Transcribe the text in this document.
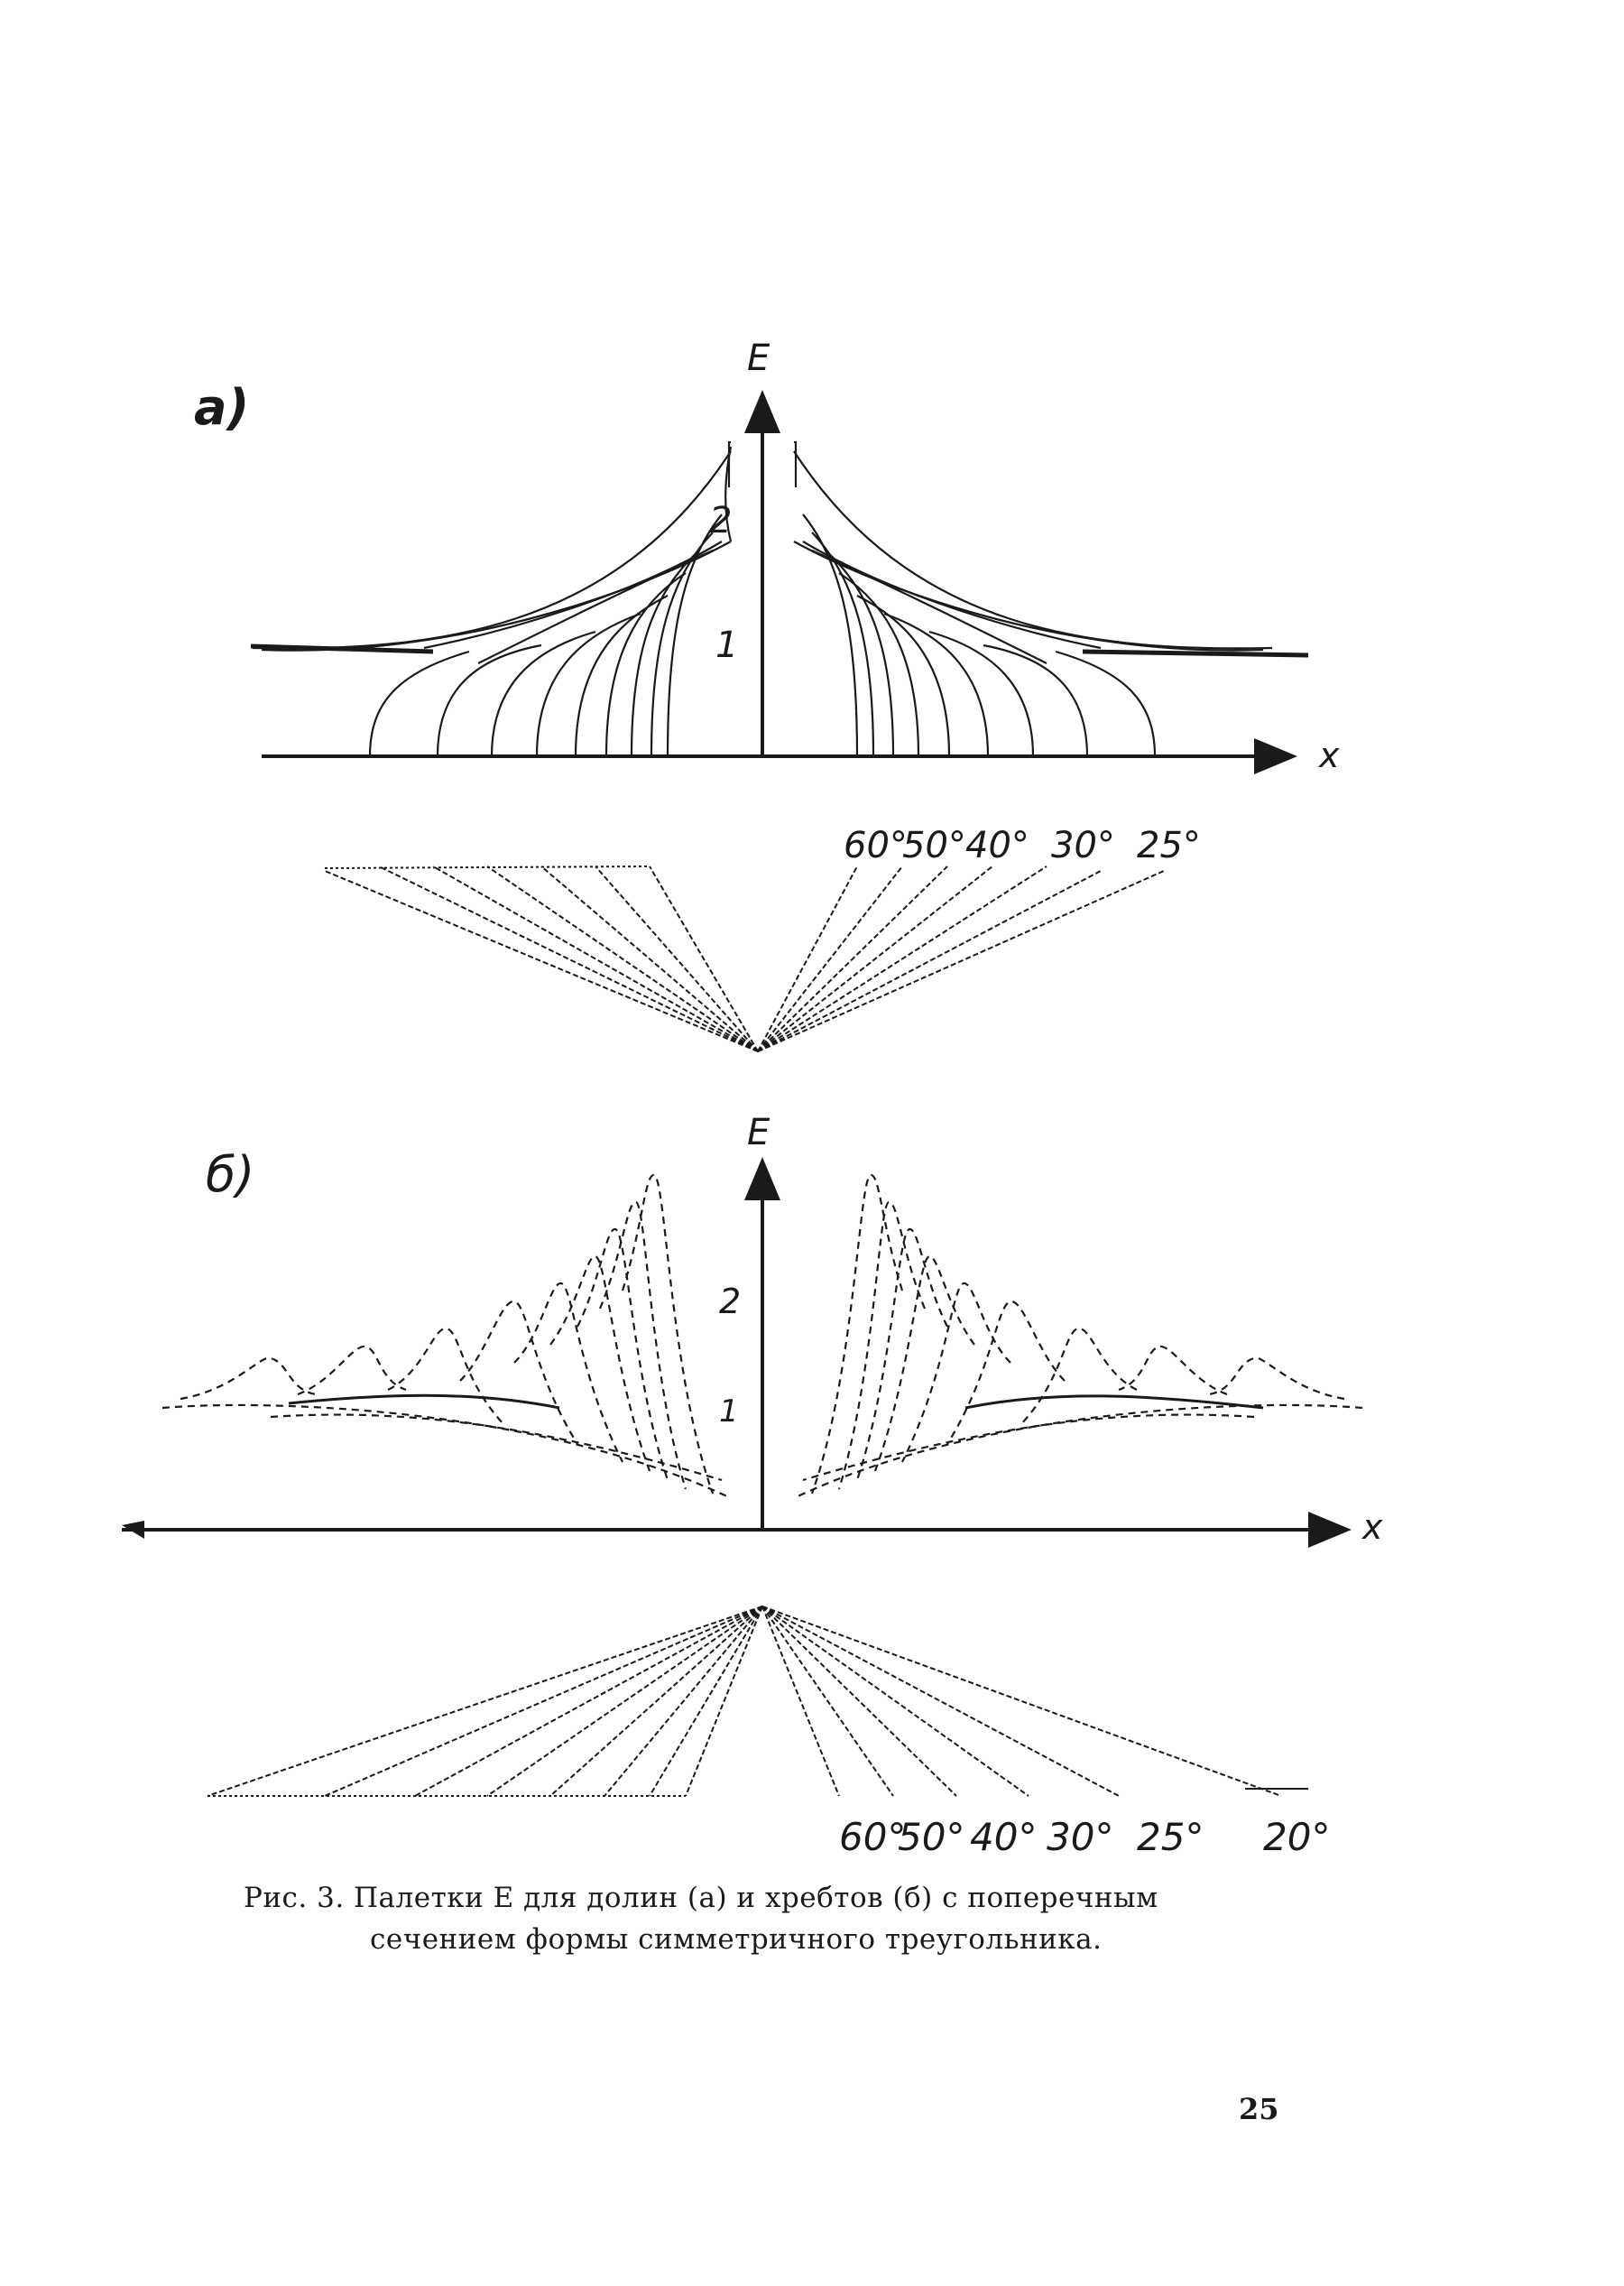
а)
E
x
2
1
60°
50° 40° 30° 25°
б)
E
x
2
1
60°
50° 40° 30° 25° 20°
Рис. 3. Палетки E для долин (а) и хребтов (б) с поперечным
сечением формы симметричного треугольника.
25
